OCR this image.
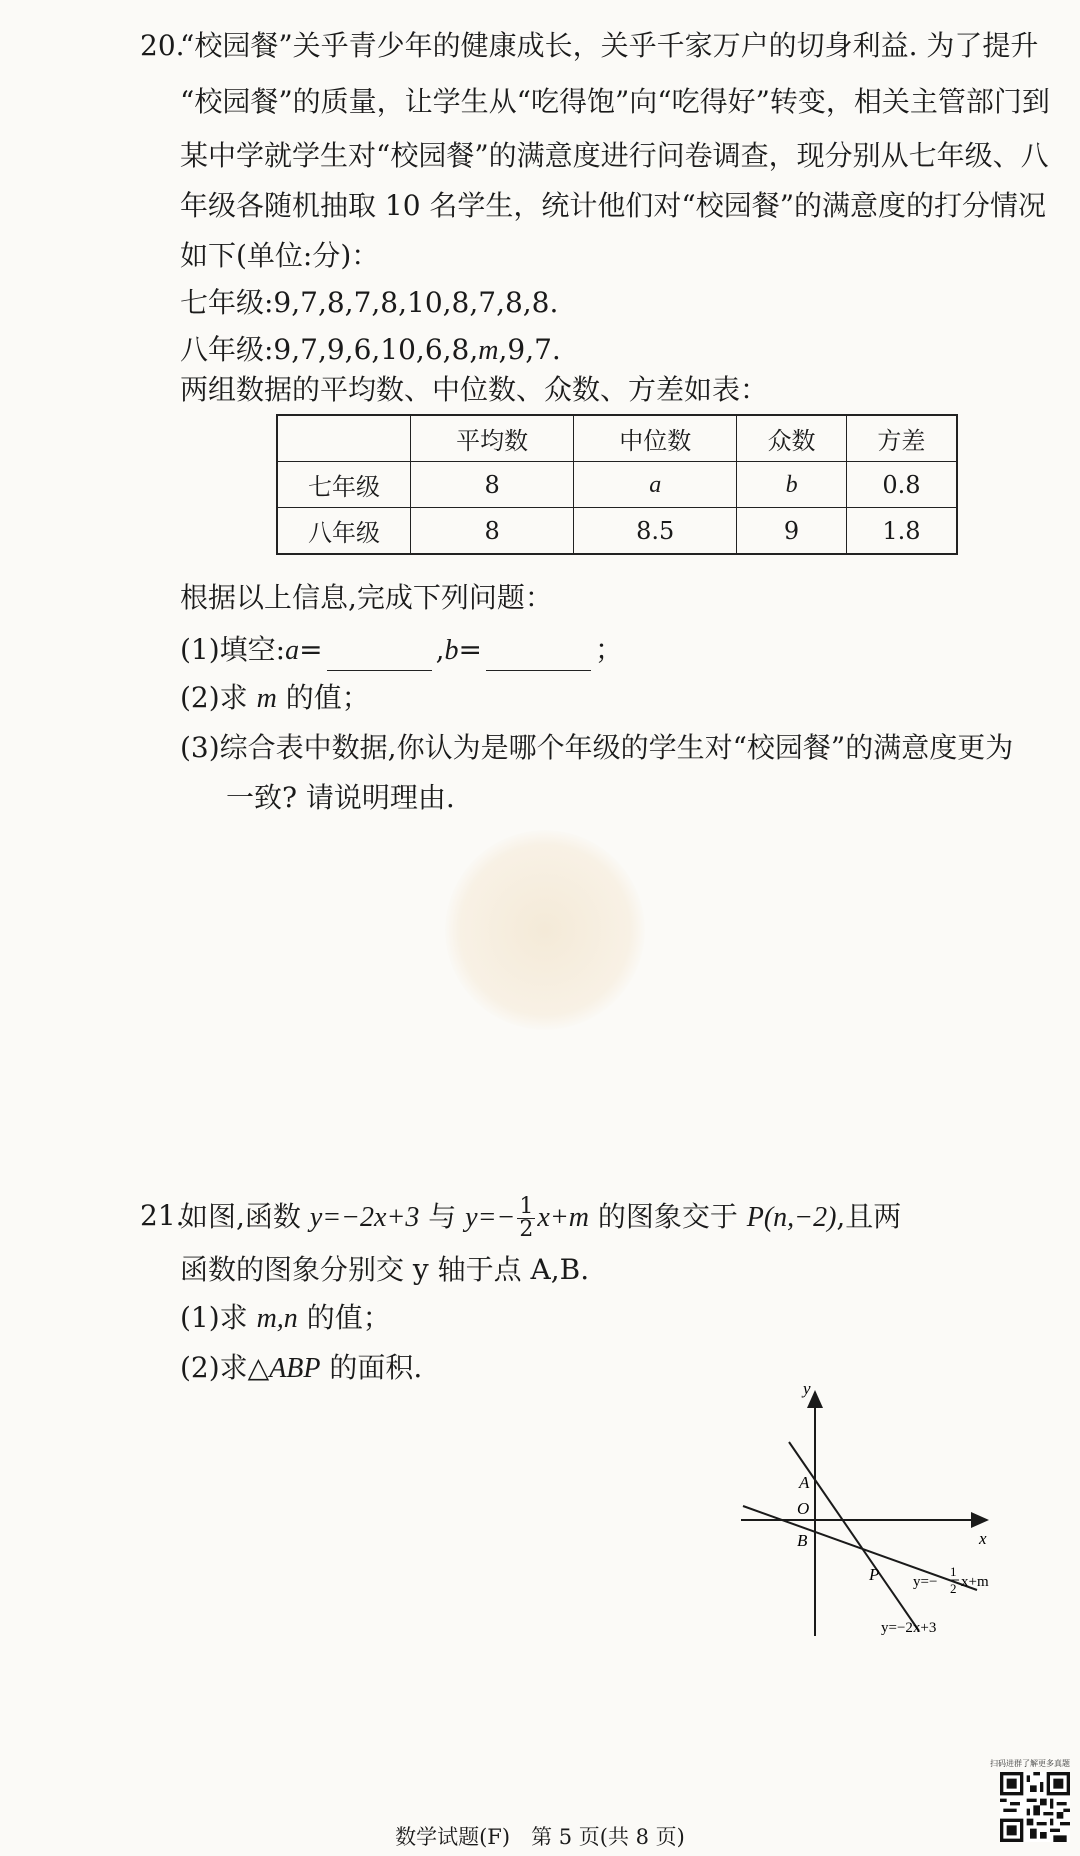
20.
“校园餐”关乎青少年的健康成长，关乎千家万户的切身利益. 为了提升
“校园餐”的质量，让学生从“吃得饱”向“吃得好”转变，相关主管部门到
某中学就学生对“校园餐”的满意度进行问卷调查，现分别从七年级、八
年级各随机抽取 10 名学生，统计他们对“校园餐”的满意度的打分情况
如下(单位:分)：
七年级:9,7,8,7,8,10,8,7,8,8.
八年级:9,7,9,6,10,6,8,m,9,7.
两组数据的平均数、中位数、众数、方差如表：
	平均数	中位数	众数	方差
七年级	8	a	b	0.8
八年级	8	8.5	9	1.8
根据以上信息,完成下列问题：
(1)填空:a=	,b=	；
(2)求 m 的值；
(3)综合表中数据,你认为是哪个年级的学生对“校园餐”的满意度更为
一致? 请说明理由.
21.
如图,函数 y=−2x+3 与 $y=- \frac{1}{2} x+m$ 的图象交于 P(n,−2),且两
函数的图象分别交 y 轴于点 A,B.
(1)求 m,n 的值；
(2)求△ABP 的面积.
y
x
O
A
B
P y=−
1
2 x+m
y=−2x+3
扫码进群了解更多真题
数学试题(F)　第 5 页(共 8 页)
